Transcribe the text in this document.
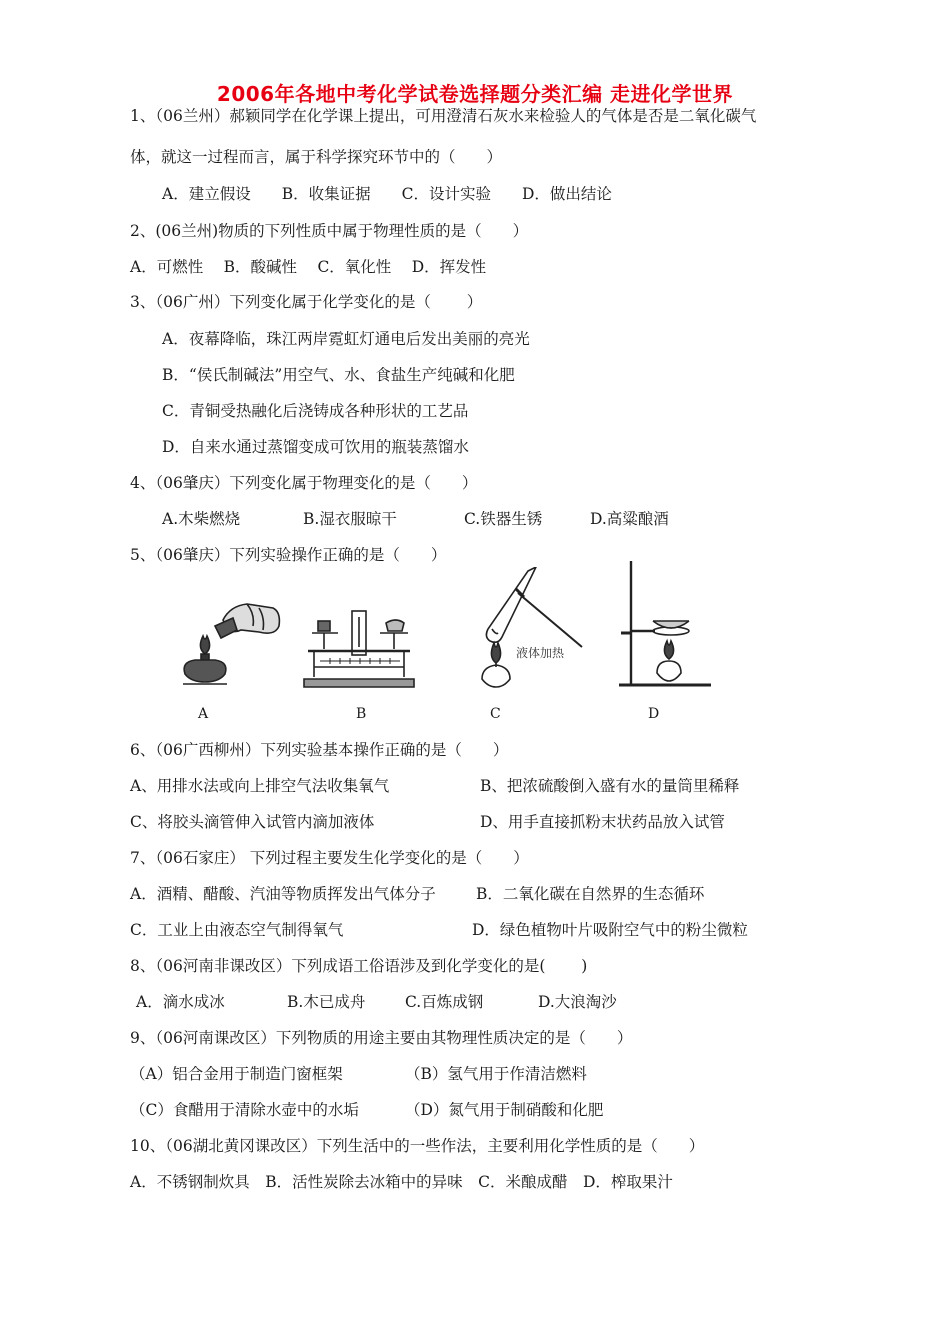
2006年各地中考化学试卷选择题分类汇编 走进化学世界
1、（06兰州）郝颖同学在化学课上提出，可用澄清石灰水来检验人的气体是否是二氧化碳气
体，就这一过程而言，属于科学探究环节中的（　　）
A．建立假设　　B．收集证据　　C．设计实验　　D．做出结论
2、(06兰州)物质的下列性质中属于物理性质的是（　　）
A．可燃性　 B．酸碱性　 C．氧化性　 D．挥发性
3、（06广州）下列变化属于化学变化的是（　　 ）
A．夜幕降临，珠江两岸霓虹灯通电后发出美丽的亮光
B．“侯氏制碱法”用空气、水、食盐生产纯碱和化肥
C．青铜受热融化后浇铸成各种形状的工艺品
D．自来水通过蒸馏变成可饮用的瓶装蒸馏水
4、（06肇庆）下列变化属于物理变化的是（　　）
A.木柴燃烧	B.湿衣服晾干	C.铁器生锈	D.高粱酿酒
5、（06肇庆）下列实验操作正确的是（　　）
液体加热
A	B	C	D
6、（06广西柳州）下列实验基本操作正确的是（　　）
A、用排水法或向上排空气法收集氧气	B、把浓硫酸倒入盛有水的量筒里稀释
C、将胶头滴管伸入试管内滴加液体	D、用手直接抓粉末状药品放入试管
7、（06石家庄） 下列过程主要发生化学变化的是（　　）
A．酒精、醋酸、汽油等物质挥发出气体分子	B．二氧化碳在自然界的生态循环
C．工业上由液态空气制得氧气	D．绿色植物叶片吸附空气中的粉尘微粒
8、（06河南非课改区）下列成语工俗语涉及到化学变化的是(　　 )
A．滴水成冰	B.木已成舟	C.百炼成钢	D.大浪淘沙
9、（06河南课改区）下列物质的用途主要由其物理性质决定的是（　　）
（A）铝合金用于制造门窗框架	（B）氢气用于作清洁燃料
（C）食醋用于清除水壶中的水垢	（D）氮气用于制硝酸和化肥
10、（06湖北黄冈课改区）下列生活中的一些作法，主要利用化学性质的是（　　）
A．不锈钢制炊具　B．活性炭除去冰箱中的异味　C．米酿成醋　D．榨取果汁
